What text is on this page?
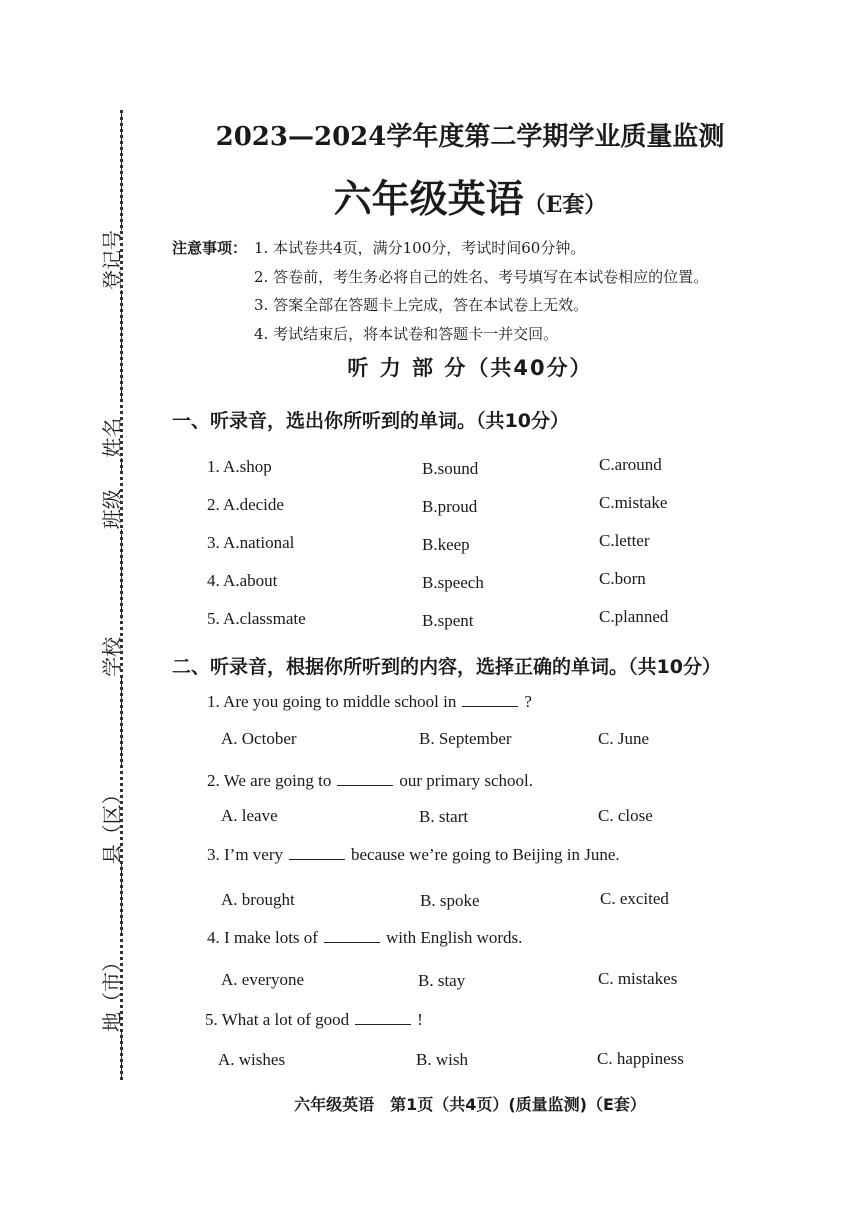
地（市）
县（区）
学校
班级
姓名
登记号
2023—2024学年度第二学期学业质量监测
六年级英语（E套）
注意事项： 1. 本试卷共4页，满分100分，考试时间60分钟。
2. 答卷前，考生务必将自己的姓名、考号填写在本试卷相应的位置。
3. 答案全部在答题卡上完成，答在本试卷上无效。
4. 考试结束后，将本试卷和答题卡一并交回。
听 力 部 分（共40分）
一、听录音，选出你所听到的单词。（共10分）
1. A.shop	B.sound	C.around
2. A.decide	B.proud	C.mistake
3. A.national	B.keep	C.letter
4. A.about	B.speech	C.born
5. A.classmate	B.spent	C.planned
二、听录音，根据你所听到的内容，选择正确的单词。（共10分）
1. Are you going to middle school in	?
A. October	B. September	C. June
2. We are going to	our primary school.
A. leave	B. start	C. close
3. I’m very	because we’re going to Beijing in June.
A. brought	B. spoke	C. excited
4. I make lots of	with English words.
A. everyone	B. stay	C. mistakes
5. What a lot of good	!
A. wishes	B. wish	C. happiness
六年级英语　第1页（共4页）(质量监测)（E套）
